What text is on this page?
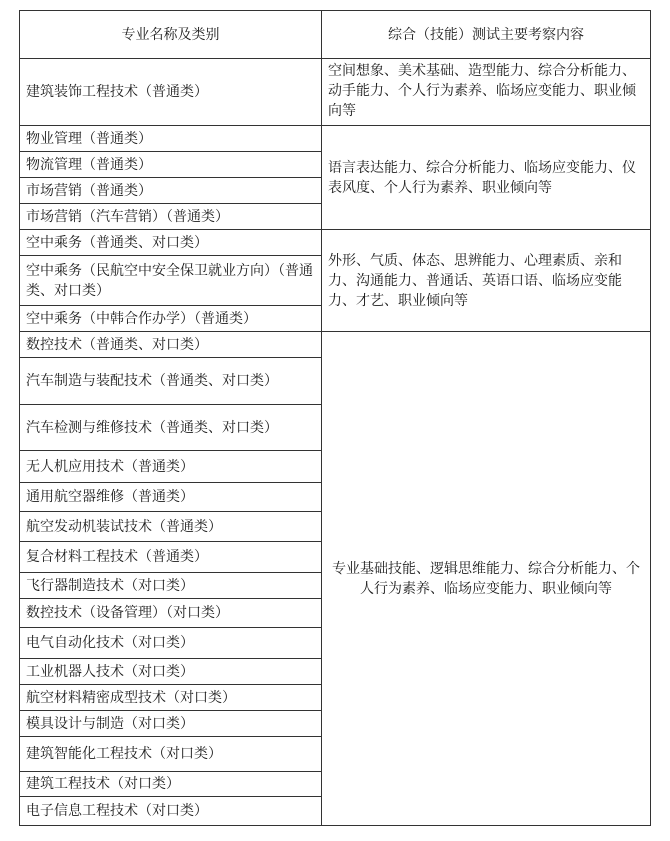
专业名称及类别	综合（技能）测试主要考察内容
建筑装饰工程技术（普通类）	空间想象、美术基础、造型能力、综合分析能力、动手能力、个人行为素养、临场应变能力、职业倾向等
物业管理（普通类）	语言表达能力、综合分析能力、临场应变能力、仪表风度、个人行为素养、职业倾向等
物流管理（普通类）	
市场营销（普通类）	
市场营销（汽车营销）（普通类）	
空中乘务（普通类、对口类）	外形、气质、体态、思辨能力、心理素质、亲和力、沟通能力、普通话、英语口语、临场应变能力、才艺、职业倾向等
空中乘务（民航空中安全保卫就业方向）（普通类、对口类）	
空中乘务（中韩合作办学）（普通类）	
数控技术（普通类、对口类）	专业基础技能、逻辑思维能力、综合分析能力、个人行为素养、临场应变能力、职业倾向等
汽车制造与装配技术（普通类、对口类）	
汽车检测与维修技术（普通类、对口类）	
无人机应用技术（普通类）	
通用航空器维修（普通类）	
航空发动机装试技术（普通类）	
复合材料工程技术（普通类）	
飞行器制造技术（对口类）	
数控技术（设备管理）（对口类）	
电气自动化技术（对口类）	
工业机器人技术（对口类）	
航空材料精密成型技术（对口类）	
模具设计与制造（对口类）	
建筑智能化工程技术（对口类）	
建筑工程技术（对口类）	
电子信息工程技术（对口类）	
